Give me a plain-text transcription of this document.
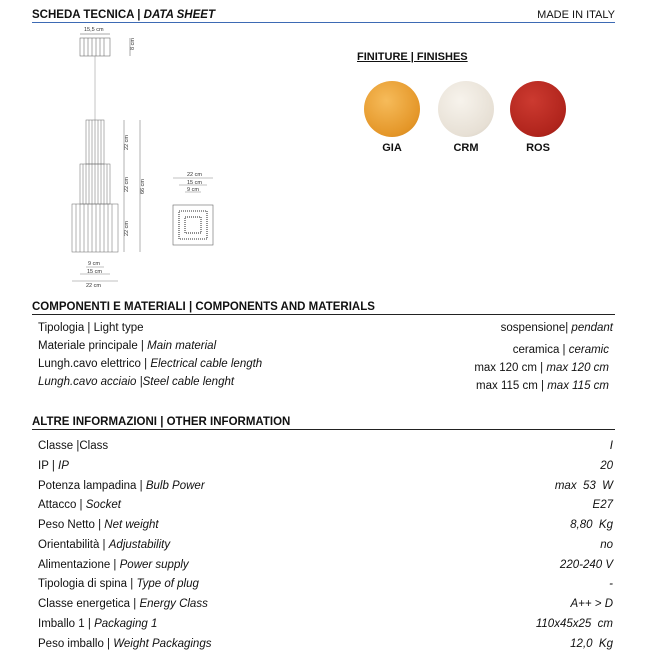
SCHEDA TECNICA | DATA SHEET	MADE IN ITALY
15,5 cm
8 cm
22 cm
22 cm
22 cm
66 cm
9 cm
15 cm
22 cm
22 cm
15 cm
9 cm
FINITURE | FINISHES
GIA	CRM	ROS
COMPONENTI E MATERIALI | COMPONENTS AND MATERIALS
Tipologia | Light type	sospensione| pendant
Materiale principale | Main material	ceramica | ceramic
Lungh.cavo elettrico | Electrical cable length	max 120 cm | max 120 cm
Lungh.cavo acciaio |Steel cable lenght	max 115 cm | max 115 cm
ALTRE INFORMAZIONI | OTHER INFORMATION
Classe |Class	I
IP | IP	20
Potenza lampadina | Bulb Power	max  53  W
Attacco | Socket	E27
Peso Netto | Net weight	8,80  Kg
Orientabilità | Adjustability	no
Alimentazione | Power supply	220-240 V
Tipologia di spina | Type of plug	-
Classe energetica | Energy Class	A++ > D
Imballo 1 | Packaging 1	110x45x25  cm
Peso imballo | Weight Packagings	12,0  Kg
